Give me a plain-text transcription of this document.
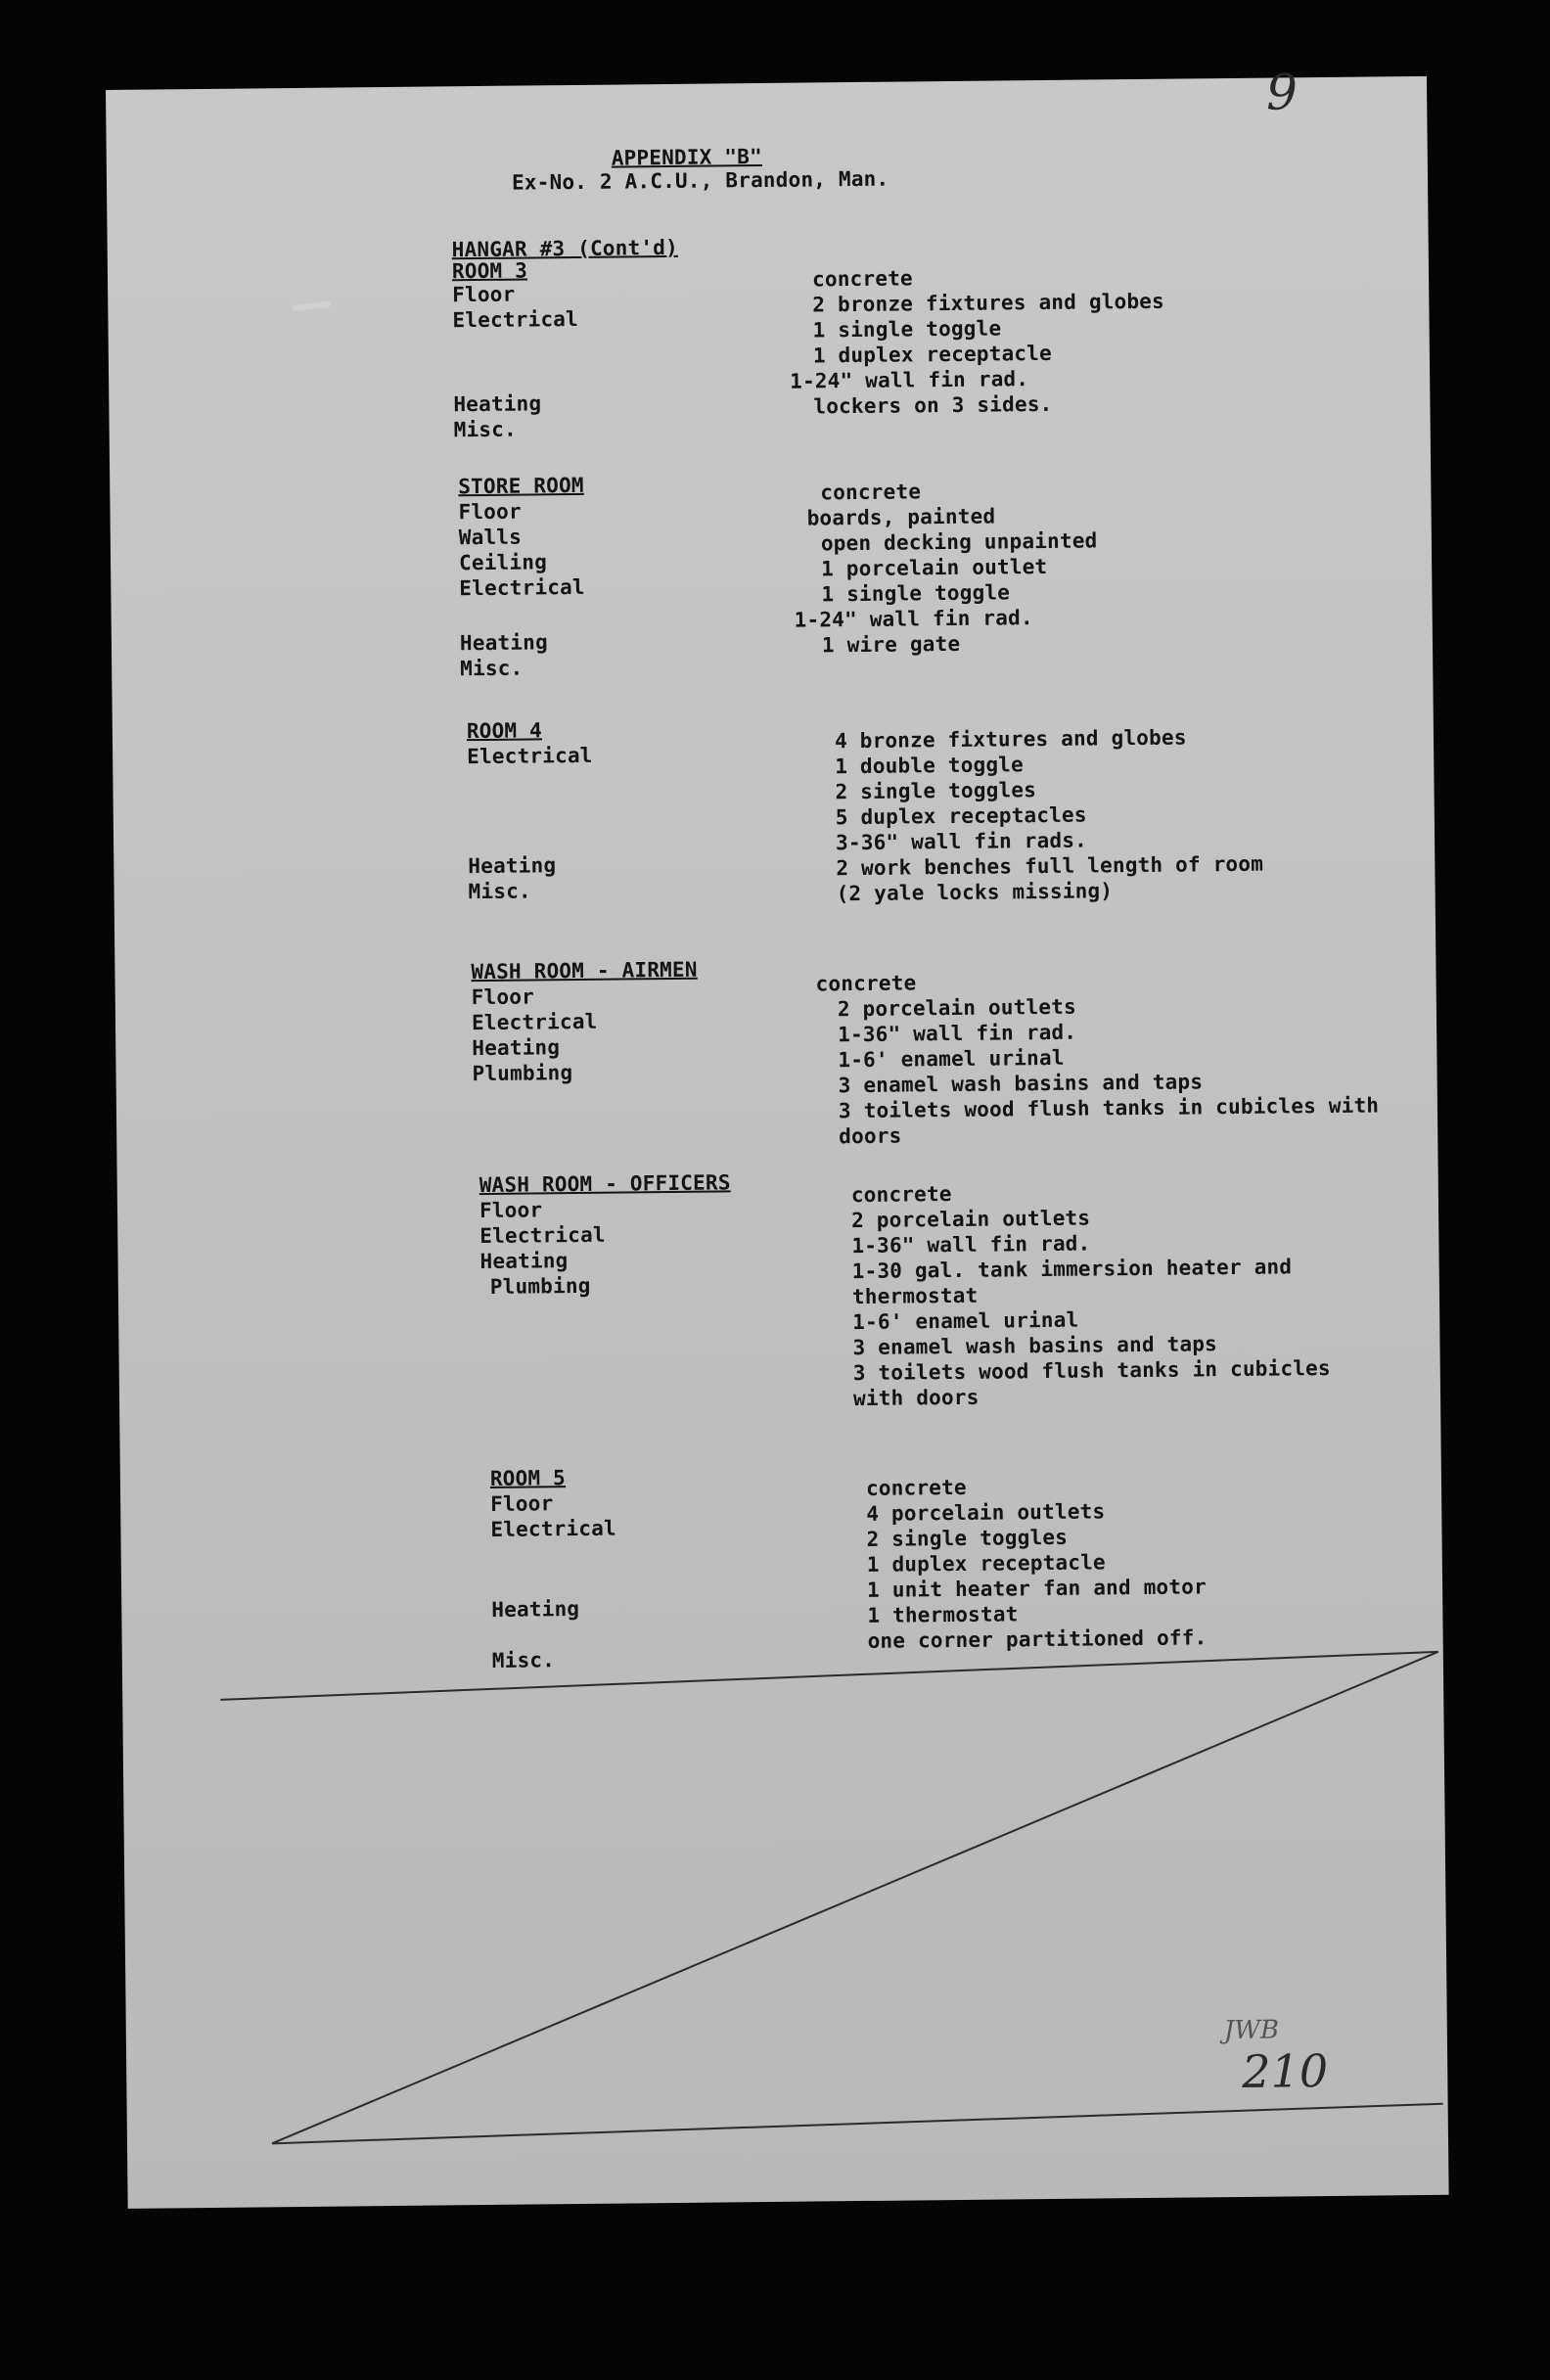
9
APPENDIX "B"
Ex-No. 2 A.C.U., Brandon, Man.
HANGAR #3 (Cont'd)
ROOM 3
Floor
Electrical
Heating
Misc.
concrete
2 bronze fixtures and globes
1 single toggle
1 duplex receptacle
1-24" wall fin rad.
lockers on 3 sides.
STORE ROOM
Floor
Walls
Ceiling
Electrical
Heating
Misc.
concrete
boards, painted
open decking unpainted
1 porcelain outlet
1 single toggle
1-24" wall fin rad.
1 wire gate
ROOM 4
Electrical
Heating
Misc.
4 bronze fixtures and globes
1 double toggle
2 single toggles
5 duplex receptacles
3-36" wall fin rads.
2 work benches full length of room
(2 yale locks missing)
WASH ROOM - AIRMEN
Floor
Electrical
Heating
Plumbing
concrete
2 porcelain outlets
1-36" wall fin rad.
1-6' enamel urinal
3 enamel wash basins and taps
3 toilets wood flush tanks in cubicles with
doors
WASH ROOM - OFFICERS
Floor
Electrical
Heating
Plumbing
concrete
2 porcelain outlets
1-36" wall fin rad.
1-30 gal. tank immersion heater and
thermostat
1-6' enamel urinal
3 enamel wash basins and taps
3 toilets wood flush tanks in cubicles
with doors
ROOM 5
Floor
Electrical
Heating
Misc.
concrete
4 porcelain outlets
2 single toggles
1 duplex receptacle
1 unit heater fan and motor
1 thermostat
one corner partitioned off.
JWB
210
